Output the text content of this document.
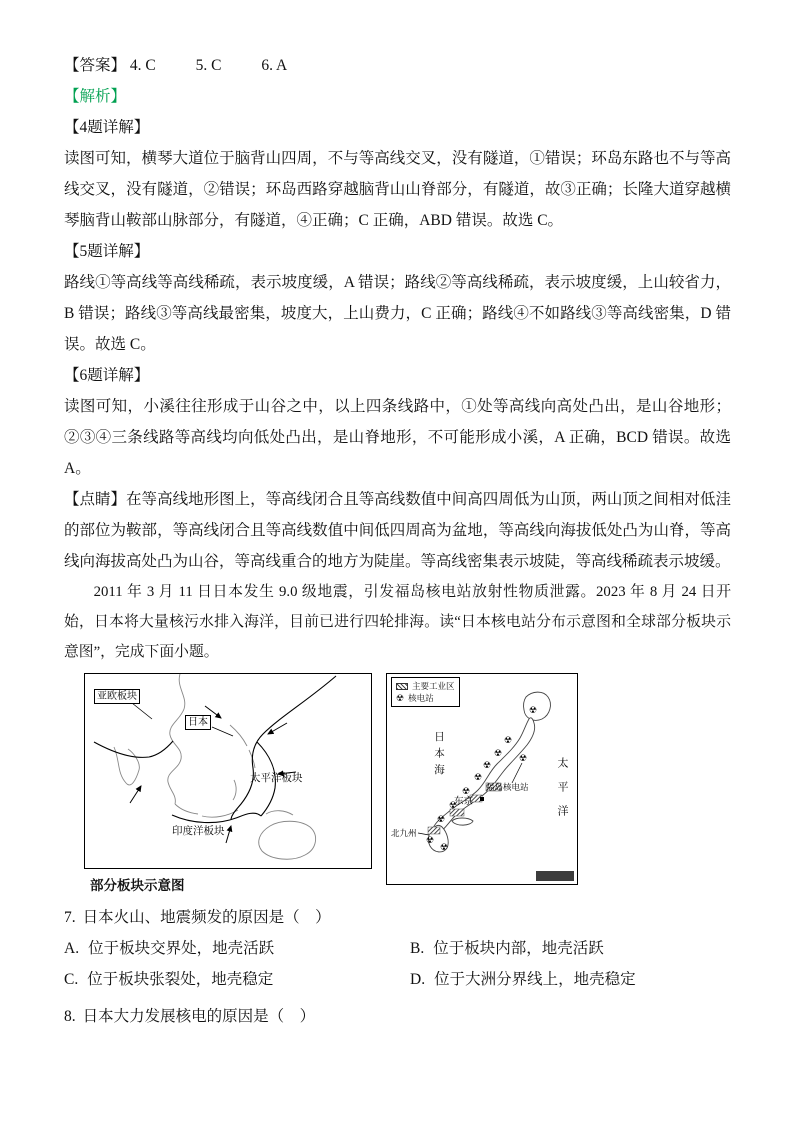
【答案】 4. C	5. C	6. A

【解析】

【4题详解】

读图可知，横琴大道位于脑背山四周，不与等高线交叉，没有隧道，①错误；环岛东路也不与等高线交叉，没有隧道，②错误；环岛西路穿越脑背山山脊部分，有隧道，故③正确；长隆大道穿越横琴脑背山鞍部山脉部分，有隧道，④正确；C 正确，ABD 错误。故选 C。

【5题详解】

路线①等高线等高线稀疏，表示坡度缓，A 错误；路线②等高线稀疏，表示坡度缓，上山较省力，B 错误；路线③等高线最密集，坡度大，上山费力，C 正确；路线④不如路线③等高线密集，D 错误。故选 C。

【6题详解】

读图可知，小溪往往形成于山谷之中，以上四条线路中，①处等高线向高处凸出，是山谷地形；②③④三条线路等高线均向低处凸出，是山脊地形，不可能形成小溪，A 正确，BCD 错误。故选 A。

【点睛】在等高线地形图上，等高线闭合且等高线数值中间高四周低为山顶，两山顶之间相对低洼的部位为鞍部，等高线闭合且等高线数值中间低四周高为盆地，等高线向海拔低处凸为山脊，等高线向海拔高处凸为山谷，等高线重合的地方为陡崖。等高线密集表示坡陡，等高线稀疏表示坡缓。

2011 年 3 月 11 日日本发生 9.0 级地震，引发福岛核电站放射性物质泄露。2023 年 8 月 24 日开始，日本将大量核污水排入海洋，目前已进行四轮排海。读“日本核电站分布示意图和全球部分板块示意图”，完成下面小题。

亚欧板块
日本
太平洋板块
印度洋板块
部分板块示意图
☢
☢
☢
☢
☢
☢
☢
☢
☢
☢
☢
主要工业区
☢ 核电站
日本海
太平洋
福岛核电站
东京
北九州

7. 日本火山、地震频发的原因是（　）

A. 位于板块交界处，地壳活跃	B. 位于板块内部，地壳活跃
C. 位于板块张裂处，地壳稳定	D. 位于大洲分界线上，地壳稳定

8. 日本大力发展核电的原因是（　）
